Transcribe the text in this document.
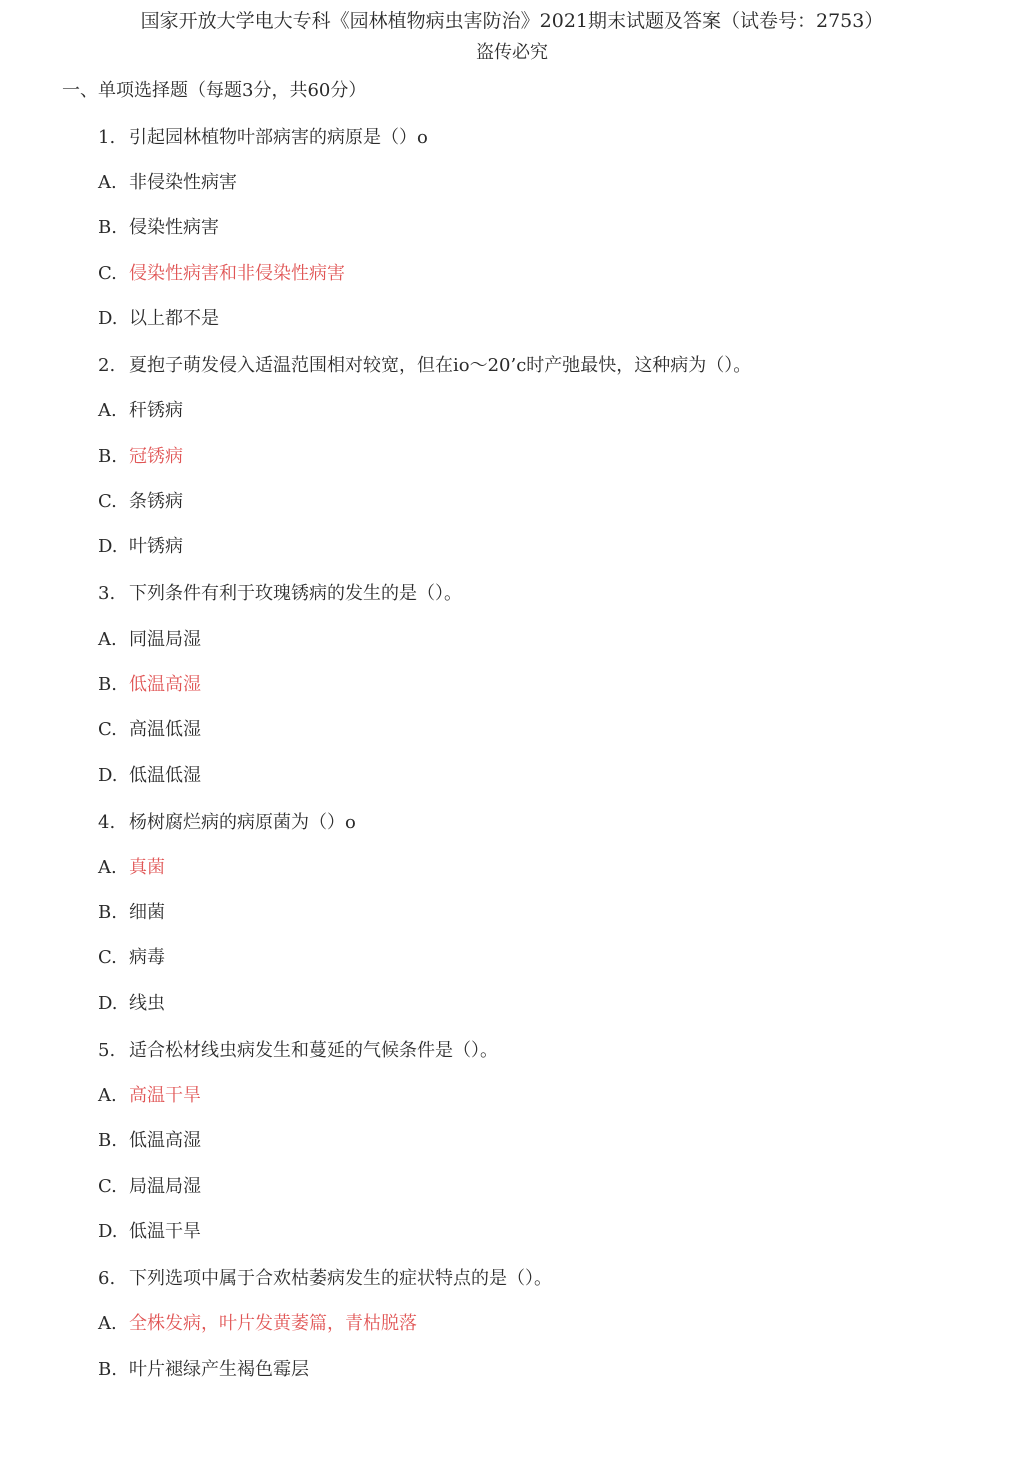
国家开放大学电大专科《园林植物病虫害防治》2021期末试题及答案（试卷号：2753）
盗传必究
一、单项选择题（每题3分，共60分）
1. 引起园林植物叶部病害的病原是（）o
A. 非侵染性病害
B. 侵染性病害
C. 侵染性病害和非侵染性病害
D. 以上都不是
2. 夏抱子萌发侵入适温范围相对较宽，但在io～20’c时产弛最快，这种病为（）。
A. 秆锈病
B. 冠锈病
C. 条锈病
D. 叶锈病
3. 下列条件有利于玫瑰锈病的发生的是（）。
A. 同温局湿
B. 低温高湿
C. 高温低湿
D. 低温低湿
4. 杨树腐烂病的病原菌为（）o
A. 真菌
B. 细菌
C. 病毒
D. 线虫
5. 适合松材线虫病发生和蔓延的气候条件是（）。
A. 高温干旱
B. 低温高湿
C. 局温局湿
D. 低温干旱
6. 下列选项中属于合欢枯萎病发生的症状特点的是（）。
A. 全株发病，叶片发黄萎篇，青枯脱落
B. 叶片褪绿产生褐色霉层
